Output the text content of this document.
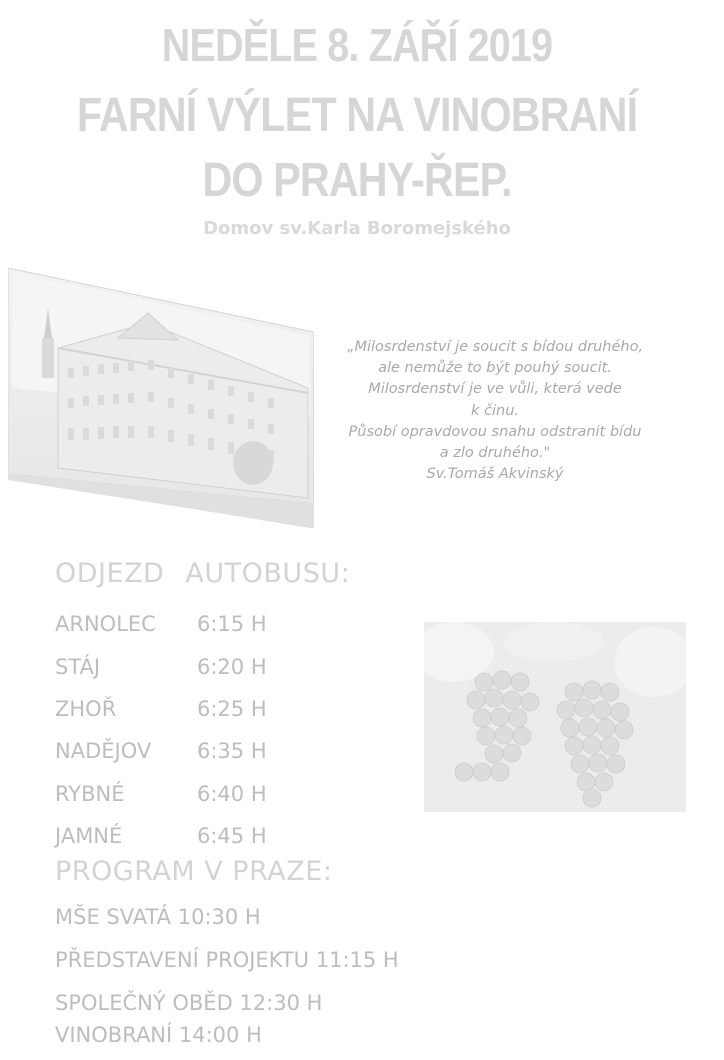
NEDĚLE 8. ZÁŘÍ 2019
FARNÍ VÝLET NA VINOBRANÍ
DO PRAHY-ŘEP.
Domov sv.Karla Boromejského
„Milosrdenství je soucit s bídou druhého,
ale nemůže to být pouhý soucit.
Milosrdenství je ve vůli, která vede
k činu.
Působí opravdovou snahu odstranit bídu
a zlo druhého."
Sv.Tomáš Akvinský
ODJEZD AUTOBUSU:
ARNOLEC 6:15 H
STÁJ	6:20 H
ZHOŘ	6:25 H
NADĚJOV 6:35 H
RYBNÉ	6:40 H
JAMNÉ	6:45 H
PROGRAM V PRAZE:
MŠE SVATÁ 10:30 H
PŘEDSTAVENÍ PROJEKTU 11:15 H
SPOLEČNÝ OBĚD 12:30 H
VINOBRANÍ 14:00 H
